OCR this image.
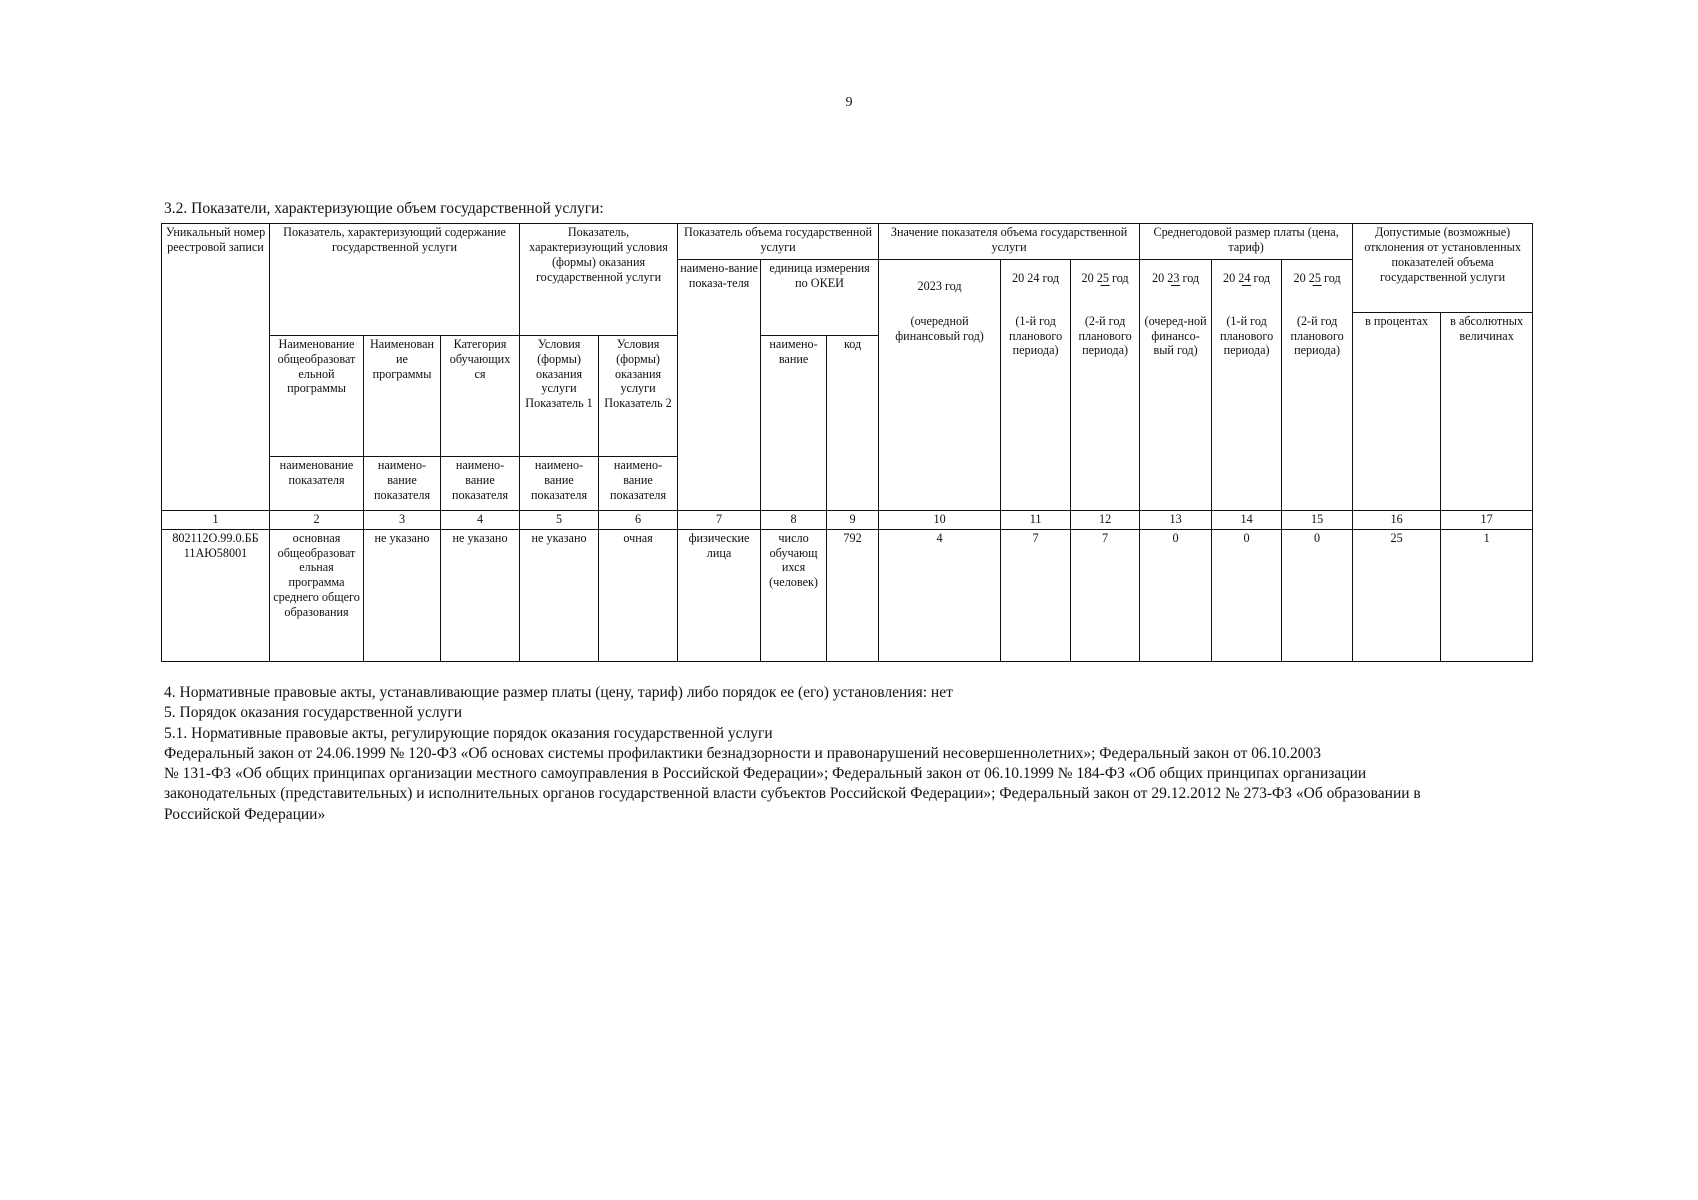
9
3.2. Показатели, характеризующие объем государственной услуги:
Уникальный номер реестровой записи	Показатель, характеризующий содержание государственной услуги			Показатель, характеризующий условия (формы) оказания государственной услуги		Показатель объема государственной услуги			Значение показателя объема государственной услуги			Среднегодовой размер платы (цена, тариф)			Допустимые (возможные) отклонения от установленных показателей объема государственной услуги	
						наимено-вание показа-теля	единица измерения по ОКЕИ		2023 год	20 24 год	20 25 год	20 23 год	20 24 год	20 25 год		

									(очередной финансовый год)	(1-й год планового периода)	(2-й год планового периода)	(очеред-ной финансо-вый год)	(1-й год планового периода)	(2-й год планового периода)	в процентах	в абсолютных величинах
	Наименование общеобразоват ельной программы	Наименован ие программы	Категория обучающих ся	Условия (формы) оказания услуги Показатель 1	Условия (формы) оказания услуги Показатель 2		наимено-вание	код								
	наименование показателя	наимено-вание показателя	наимено-вание показателя	наимено-вание показателя	наимено-вание показателя											
1	2	3	4	5	6	7	8	9	10	11	12	13	14	15	16	17
802112О.99.0.ББ 11АЮ58001	основная общеобразоват ельная программа среднего общего образования	не указано	не указано	не указано	очная	физические лица	число обучающ ихся (человек)	792	4	7	7	0	0	0	25	1

4. Нормативные правовые акты, устанавливающие размер платы (цену, тариф) либо порядок ее (его) установления: нет

5. Порядок оказания государственной услуги

5.1. Нормативные правовые акты, регулирующие порядок оказания государственной услуги

Федеральный закон от 24.06.1999 № 120-ФЗ «Об основах системы профилактики безнадзорности и правонарушений несовершеннолетних»; Федеральный закон от 06.10.2003

№ 131-ФЗ «Об общих принципах организации местного самоуправления в Российской Федерации»; Федеральный закон от 06.10.1999 № 184-ФЗ «Об общих принципах организации

законодательных (представительных) и исполнительных органов государственной власти субъектов Российской Федерации»; Федеральный закон от 29.12.2012 № 273-ФЗ «Об образовании в

Российской Федерации»
